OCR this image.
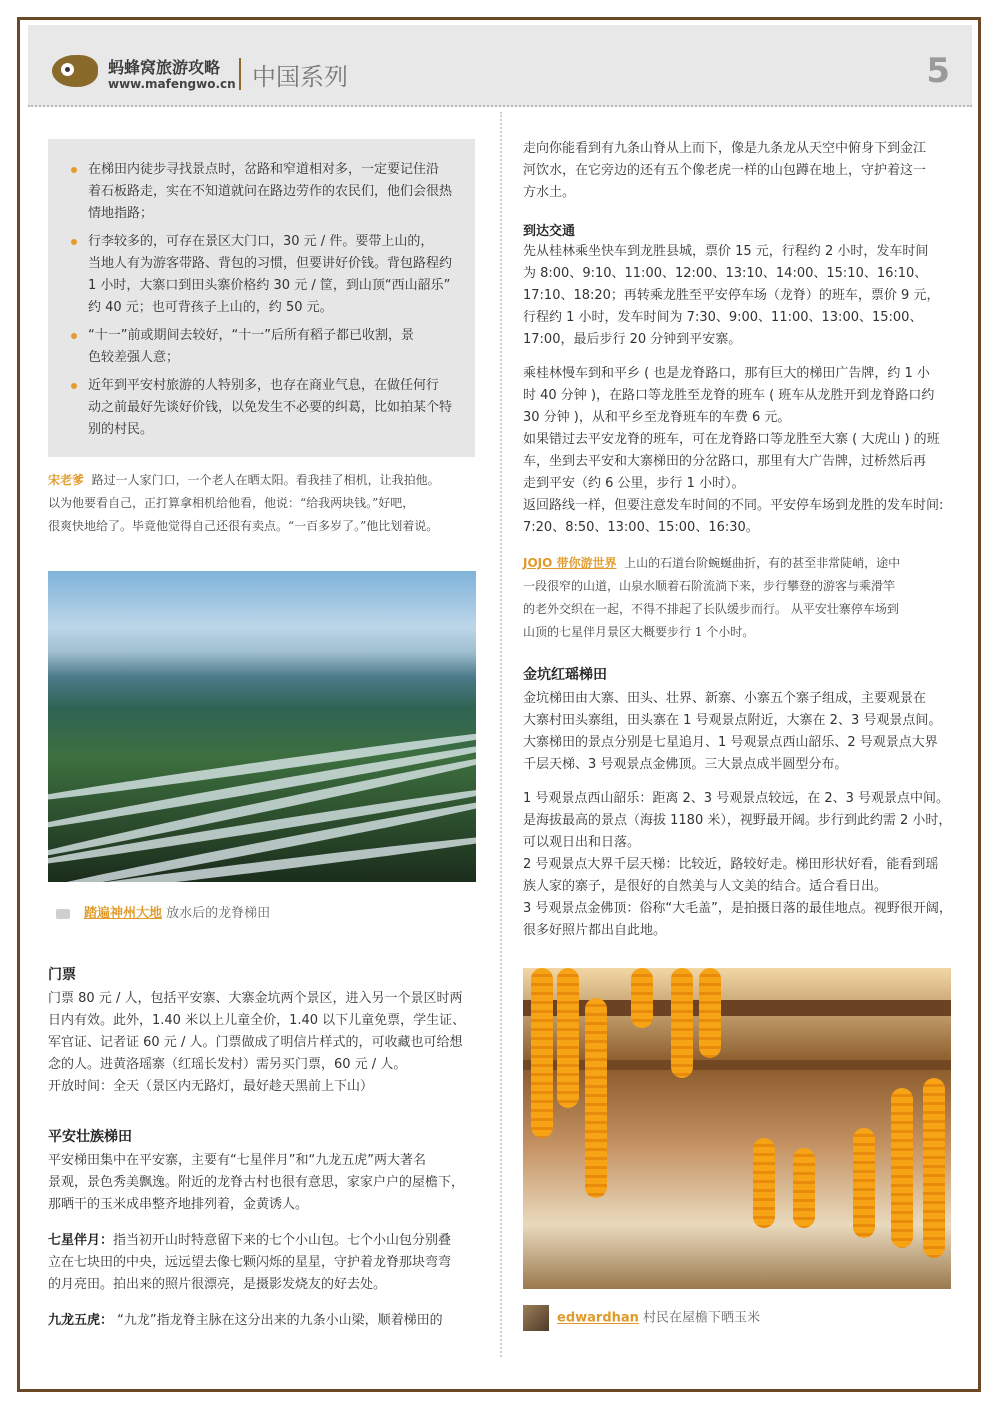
蚂蜂窝旅游攻略
www.mafengwo.cn 中国系列	5
在梯田内徒步寻找景点时，岔路和窄道相对多，一定要记住沿
着石板路走，实在不知道就问在路边劳作的农民们，他们会很热
情地指路；
行李较多的，可存在景区大门口，30 元 / 件。要带上山的，
当地人有为游客带路、背包的习惯，但要讲好价钱。背包路程约
1 小时，大寨口到田头寨价格约 30 元 / 筐，到山顶“西山韶乐”
约 40 元；也可背孩子上山的，约 50 元。
“十一”前或期间去较好，“十一”后所有稻子都已收割，景
色较差强人意；
近年到平安村旅游的人特别多，也存在商业气息，在做任何行
动之前最好先谈好价钱，以免发生不必要的纠葛，比如拍某个特
别的村民。
宋老爹 路过一人家门口，一个老人在晒太阳。看我挂了相机，让我拍他。
以为他要看自己，正打算拿相机给他看，他说：“给我两块钱。”好吧，
很爽快地给了。毕竟他觉得自己还很有卖点。“一百多岁了。”他比划着说。
踏遍神州大地 放水后的龙脊梯田
门票
门票 80 元 / 人，包括平安寨、大寨金坑两个景区，进入另一个景区时两
日内有效。此外，1.40 米以上儿童全价，1.40 以下儿童免票，学生证、
军官证、记者证 60 元 / 人。门票做成了明信片样式的，可收藏也可给想
念的人。进黄洛瑶寨（红瑶长发村）需另买门票，60 元 / 人。
开放时间：全天（景区内无路灯，最好趁天黑前上下山）
平安壮族梯田
平安梯田集中在平安寨，主要有“七星伴月”和“九龙五虎”两大著名
景观，景色秀美飘逸。附近的龙脊古村也很有意思，家家户户的屋檐下，
那晒干的玉米成串整齐地排列着，金黄诱人。
七星伴月：指当初开山时特意留下来的七个小山包。七个小山包分别叠
立在七块田的中央，远远望去像七颗闪烁的星星，守护着龙脊那块弯弯
的月亮田。拍出来的照片很漂亮，是摄影发烧友的好去处。
九龙五虎： “九龙”指龙脊主脉在这分出来的九条小山梁，顺着梯田的
走向你能看到有九条山脊从上而下，像是九条龙从天空中俯身下到金江
河饮水，在它旁边的还有五个像老虎一样的山包蹲在地上，守护着这一
方水土。
到达交通
先从桂林乘坐快车到龙胜县城，票价 15 元，行程约 2 小时，发车时间
为 8:00、9:10、11:00、12:00、13:10、14:00、15:10、16:10、
17:10、18:20；再转乘龙胜至平安停车场（龙脊）的班车，票价 9 元，
行程约 1 小时，发车时间为 7:30、9:00、11:00、13:00、15:00、
17:00，最后步行 20 分钟到平安寨。
乘桂林慢车到和平乡 ( 也是龙脊路口，那有巨大的梯田广告牌，约 1 小
时 40 分钟 )，在路口等龙胜至龙脊的班车 ( 班车从龙胜开到龙脊路口约
30 分钟 )，从和平乡至龙脊班车的车费 6 元。
如果错过去平安龙脊的班车，可在龙脊路口等龙胜至大寨 ( 大虎山 ) 的班
车，坐到去平安和大寨梯田的分岔路口，那里有大广告牌，过桥然后再
走到平安（约 6 公里，步行 1 小时）。
返回路线一样，但要注意发车时间的不同。平安停车场到龙胜的发车时间:
7:20、8:50、13:00、15:00、16:30。
JOJO 带你游世界 上山的石道台阶蜿蜒曲折，有的甚至非常陡峭，途中
一段很窄的山道，山泉水顺着石阶流淌下来，步行攀登的游客与乘滑竿
的老外交织在一起，不得不排起了长队缓步而行。 从平安壮寨停车场到
山顶的七星伴月景区大概要步行 1 个小时。
金坑红瑶梯田
金坑梯田由大寨、田头、壮界、新寨、小寨五个寨子组成，主要观景在
大寨村田头寨组，田头寨在 1 号观景点附近，大寨在 2、3 号观景点间。
大寨梯田的景点分别是七星追月、1 号观景点西山韶乐、2 号观景点大界
千层天梯、3 号观景点金佛顶。三大景点成半圆型分布。
1 号观景点西山韶乐：距离 2、3 号观景点较远，在 2、3 号观景点中间。
是海拔最高的景点（海拔 1180 米），视野最开阔。步行到此约需 2 小时，
可以观日出和日落。
2 号观景点大界千层天梯：比较近，路较好走。梯田形状好看，能看到瑶
族人家的寨子，是很好的自然美与人文美的结合。适合看日出。
3 号观景点金佛顶：俗称“大毛盖”，是拍摄日落的最佳地点。视野很开阔，
很多好照片都出自此地。
edwardhan 村民在屋檐下晒玉米
